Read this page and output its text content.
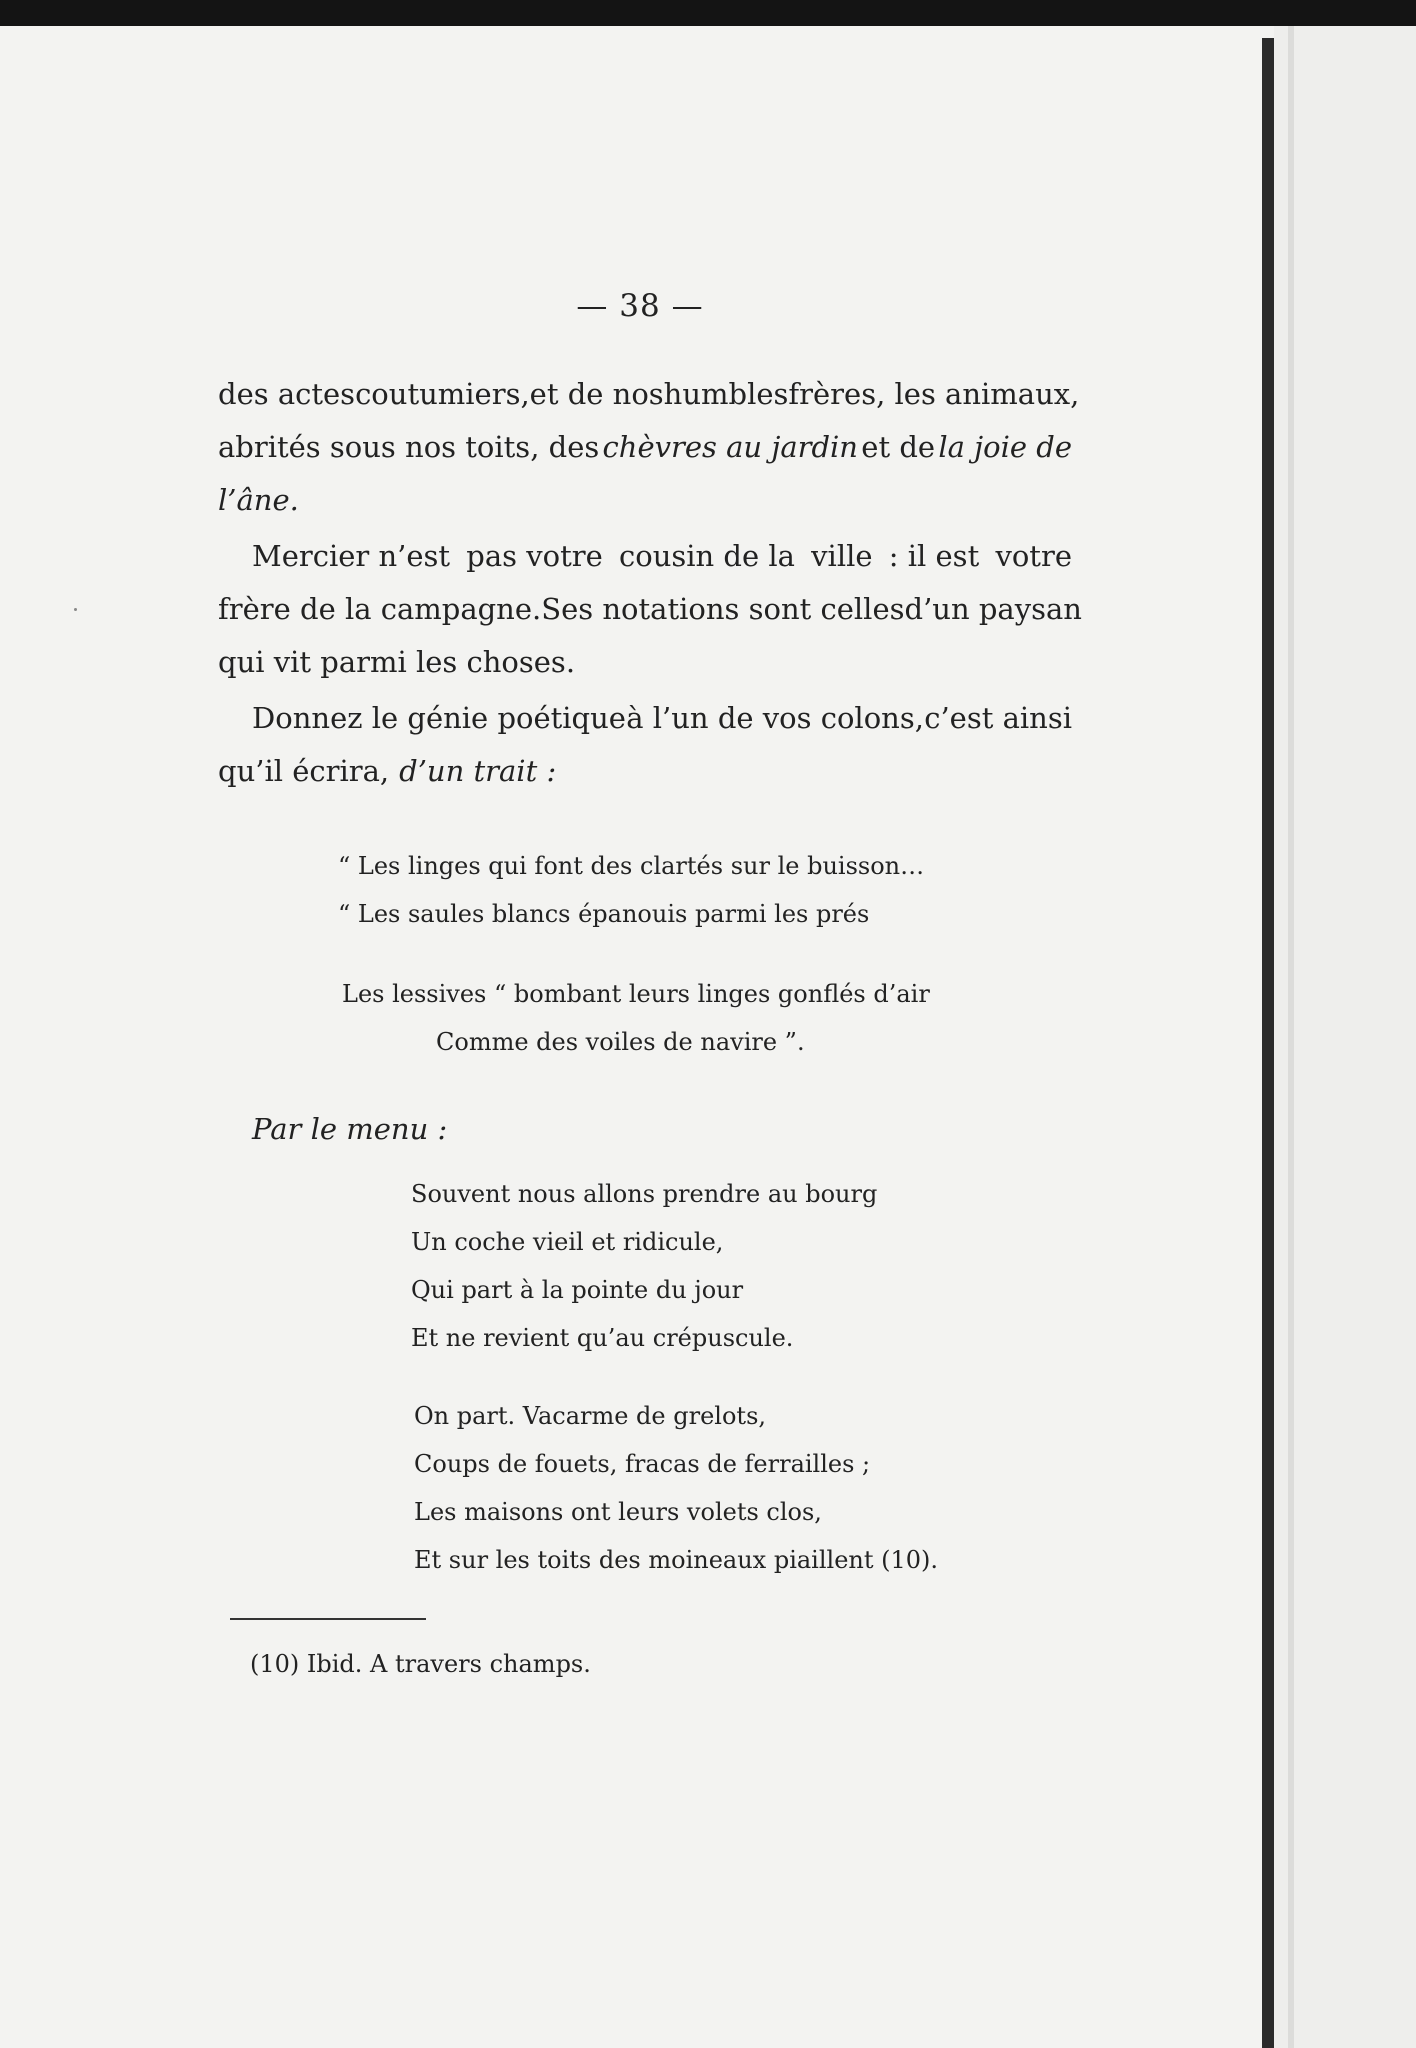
— 38 —
des actes coutumiers, et de nos humbles frères, les animaux,
abrités sous nos toits, des chèvres au jardin et de la joie de
l’âne.
Mercier n’est pas votre cousin de la ville : il est votre
frère de la campagne. Ses notations sont celles d’un paysan
qui vit parmi les choses.
Donnez le génie poétique à l’un de vos colons, c’est ainsi
qu’il écrira, d’un trait :
“ Les linges qui font des clartés sur le buisson…
“ Les saules blancs épanouis parmi les prés
Les lessives “ bombant leurs linges gonflés d’air
Comme des voiles de navire ”.
Par le menu :
Souvent nous allons prendre au bourg
Un coche vieil et ridicule,
Qui part à la pointe du jour
Et ne revient qu’au crépuscule.
On part. Vacarme de grelots,
Coups de fouets, fracas de ferrailles ;
Les maisons ont leurs volets clos,
Et sur les toits des moineaux piaillent (10).
(10) Ibid. A travers champs.
